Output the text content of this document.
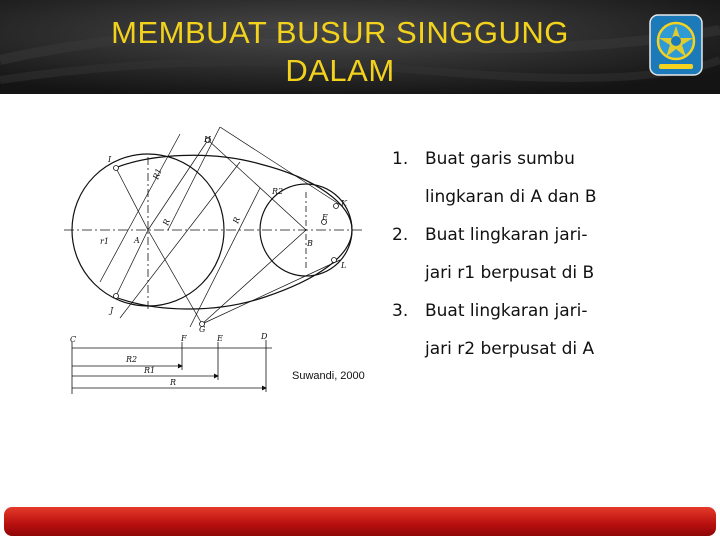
MEMBUAT BUSUR SINGGUNG
DALAM
I
J
H
G
K
L
E
A	B
r1
R	R
R1
R2
C	F	E	D
R2
R1
R
Suwandi, 2000
1. Buat garis sumbu
lingkaran di A dan B
2. Buat lingkaran jari-
jari r1 berpusat di B
3. Buat lingkaran jari-
jari r2 berpusat di A
